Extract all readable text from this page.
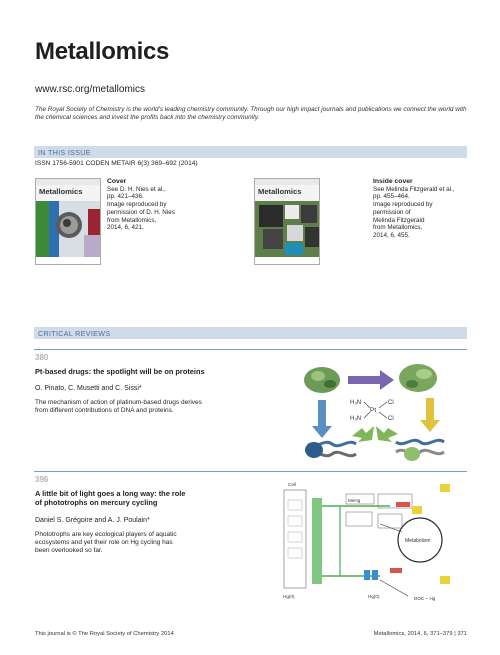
Metallomics
www.rsc.org/metallomics
The Royal Society of Chemistry is the world's leading chemistry community. Through our high impact journals and publications we connect the world with the chemical sciences and invest the profits back into the chemistry community.
IN THIS ISSUE
ISSN 1756-5901 CODEN METAIR 6(3) 369–692 (2014)
Metallomics
Cover
See D. H. Nies et al.,
pp. 421–436.
Image reproduced by
permission of D. H. Nies
from Metallomics,
2014, 6, 421.
Metallomics
Inside cover
See Melinda Fitzgerald et al.,
pp. 455–464.
Image reproduced by
permission of
Melinda Fitzgerald
from Metallomics,
2014, 6, 455.
CRITICAL REVIEWS
380
Pt-based drugs: the spotlight will be on proteins
O. Pinato, C. Musetti and C. Sissi*
The mechanism of action of platinum-based drugs derives
from different contributions of DNA and proteins.
H₃N
H₃N
Pt
Cl
Cl
396
A little bit of light goes a long way: the role
of phototrophs on mercury cycling
Daniel S. Grégoire and A. J. Poulain*
Phototrophs are key ecological players of aquatic
ecosystems and yet their role on Hg cycling has
been overlooked so far.
Metabolism
Hg(II)
MeHg
Hg(0)	DOC ~ Hg
Cell
This journal is © The Royal Society of Chemistry 2014	Metallomics, 2014, 6, 371–379 | 371
